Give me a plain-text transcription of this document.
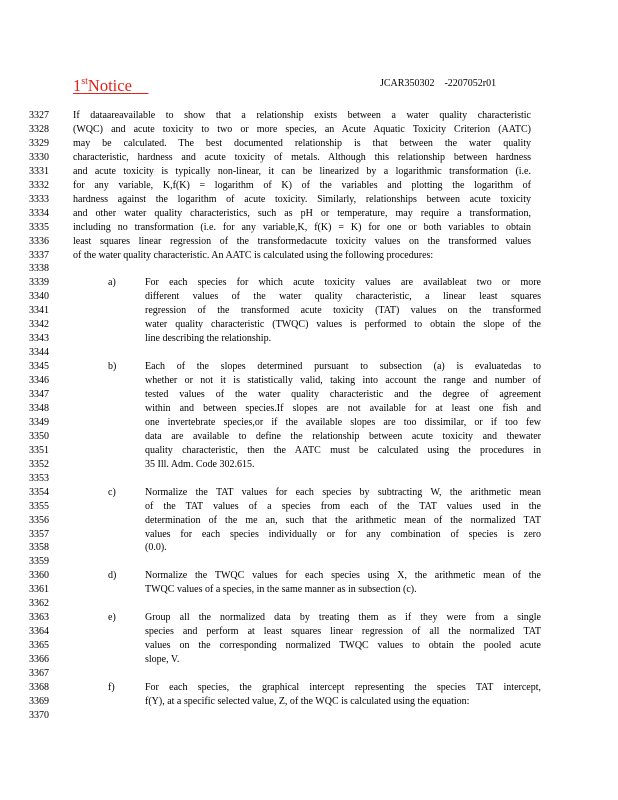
1stNotice	JCAR350302    -2207052r01
3327 If dataareavailable to show that a relationship exists between a water quality characteristic
3328 (WQC) and acute toxicity to two or more species, an Acute Aquatic Toxicity Criterion (AATC)
3329 may be calculated. The best documented relationship is that between the water quality
3330 characteristic, hardness and acute toxicity of metals. Although this relationship between hardness
3331 and acute toxicity is typically non-linear, it can be linearized by a logarithmic transformation (i.e.
3332 for any variable, K,f(K) = logarithm of K) of the variables and plotting the logarithm of
3333 hardness against the logarithm of acute toxicity. Similarly, relationships between acute toxicity
3334 and other water quality characteristics, such as pH or temperature, may require a transformation,
3335 including no transformation (i.e. for any variable,K, f(K) = K) for one or both variables to obtain
3336 least squares linear regression of the transformedacute toxicity values on the transformed values
3337 of the water quality characteristic. An AATC is calculated using the following procedures:
3338
3339	a)	For each species for which acute toxicity values are availableat two or more
3340	different values of the water quality characteristic, a linear least squares
3341	regression of the transformed acute toxicity (TAT) values on the transformed
3342	water quality characteristic (TWQC) values is performed to obtain the slope of the
3343	line describing the relationship.
3344
3345	b)	Each of the slopes determined pursuant to subsection (a) is evaluatedas to
3346	whether or not it is statistically valid, taking into account the range and number of
3347	tested values of the water quality characteristic and the degree of agreement
3348	within and between species.If slopes are not available for at least one fish and
3349	one invertebrate species,or if the available slopes are too dissimilar, or if too few
3350	data are available to define the relationship between acute toxicity and thewater
3351	quality characteristic, then the AATC must be calculated using the procedures in
3352	35 Ill. Adm. Code 302.615.
3353
3354	c)	Normalize the TAT values for each species by subtracting W, the arithmetic mean
3355	of the TAT values of a species from each of the TAT values used in the
3356	determination of the me an, such that the arithmetic mean of the normalized TAT
3357	values for each species individually or for any combination of species is zero
3358	(0.0).
3359
3360	d)	Normalize the TWQC values for each species using X, the arithmetic mean of the
3361	TWQC values of a species, in the same manner as in subsection (c).
3362
3363	e)	Group all the normalized data by treating them as if they were from a single
3364	species and perform at least squares linear regression of all the normalized TAT
3365	values on the corresponding normalized TWQC values to obtain the pooled acute
3366	slope, V.
3367
3368	f)	For each species, the graphical intercept representing the species TAT intercept,
3369	f(Y), at a specific selected value, Z, of the WQC is calculated using the equation:
3370
